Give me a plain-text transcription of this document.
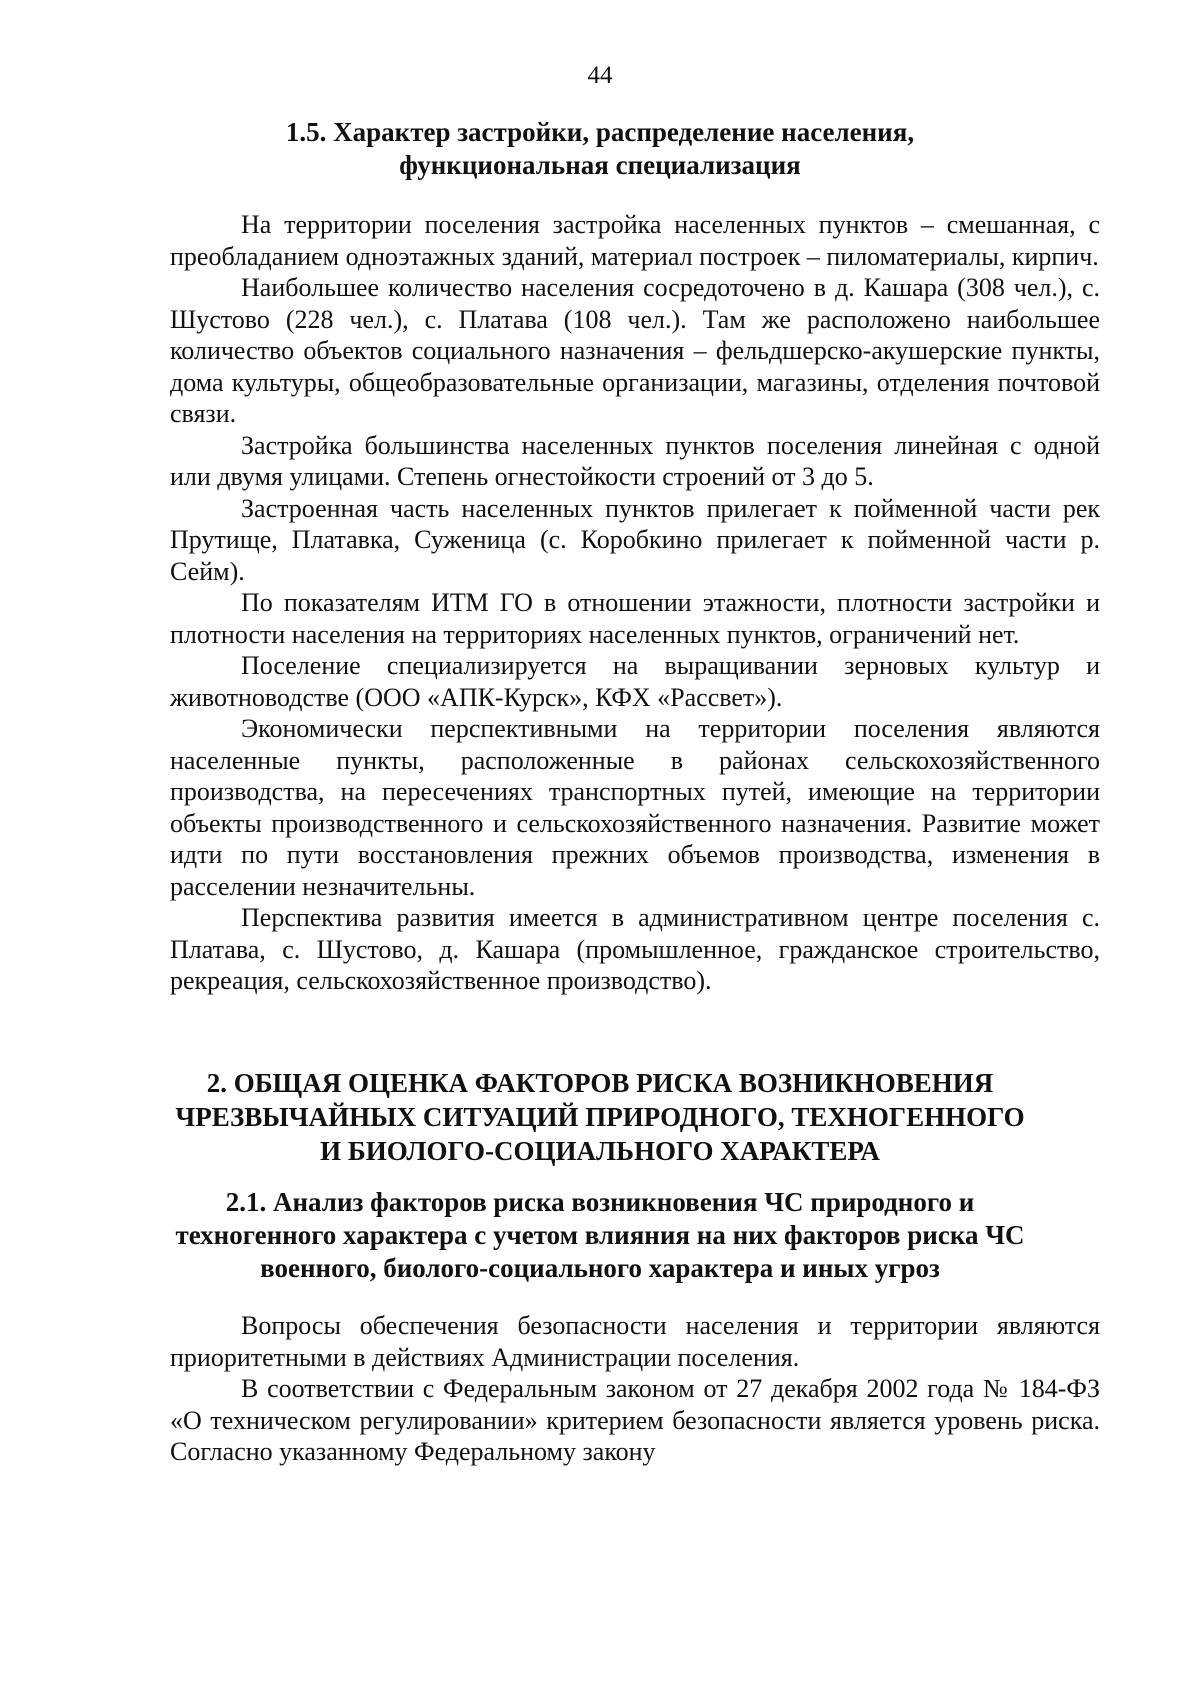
44
1.5. Характер застройки, распределение населения,
функциональная специализация

На территории поселения застройка населенных пунктов – смешанная, с преобладанием одноэтажных зданий, материал построек – пиломатериалы, кирпич.

Наибольшее количество населения сосредоточено в д. Кашара (308 чел.), с. Шустово (228 чел.), с. Платава (108 чел.). Там же расположено наибольшее количество объектов социального назначения – фельдшерско-акушерские пункты, дома культуры, общеобразовательные организации, магазины, отделения почтовой связи.

Застройка большинства населенных пунктов поселения линейная с одной или двумя улицами. Степень огнестойкости строений от 3 до 5.

Застроенная часть населенных пунктов прилегает к пойменной части рек Прутище, Платавка, Суженица (с. Коробкино прилегает к пойменной части р. Сейм).

По показателям ИТМ ГО в отношении этажности, плотности застройки и плотности населения на территориях населенных пунктов, ограничений нет.

Поселение специализируется на выращивании зерновых культур и животноводстве (ООО «АПК-Курск», КФХ «Рассвет»).

Экономически перспективными на территории поселения являются населенные пункты, расположенные в районах сельскохозяйственного производства, на пересечениях транспортных путей, имеющие на территории объекты производственного и сельскохозяйственного назначения. Развитие может идти по пути восстановления прежних объемов производства, изменения в расселении незначительны.

Перспектива развития имеется в административном центре поселения с. Платава, с. Шустово, д. Кашара (промышленное, гражданское строительство, рекреация, сельскохозяйственное производство).

2. ОБЩАЯ ОЦЕНКА ФАКТОРОВ РИСКА ВОЗНИКНОВЕНИЯ
ЧРЕЗВЫЧАЙНЫХ СИТУАЦИЙ ПРИРОДНОГО, ТЕХНОГЕННОГО
И БИОЛОГО-СОЦИАЛЬНОГО ХАРАКТЕРА
2.1. Анализ факторов риска возникновения ЧС природного и
техногенного характера с учетом влияния на них факторов риска ЧС
военного, биолого-социального характера и иных угроз

Вопросы обеспечения безопасности населения и территории являются приоритетными в действиях Администрации поселения.

В соответствии с Федеральным законом от 27 декабря 2002 года № 184-ФЗ «О техническом регулировании» критерием безопасности является уровень риска. Согласно указанному Федеральному закону
